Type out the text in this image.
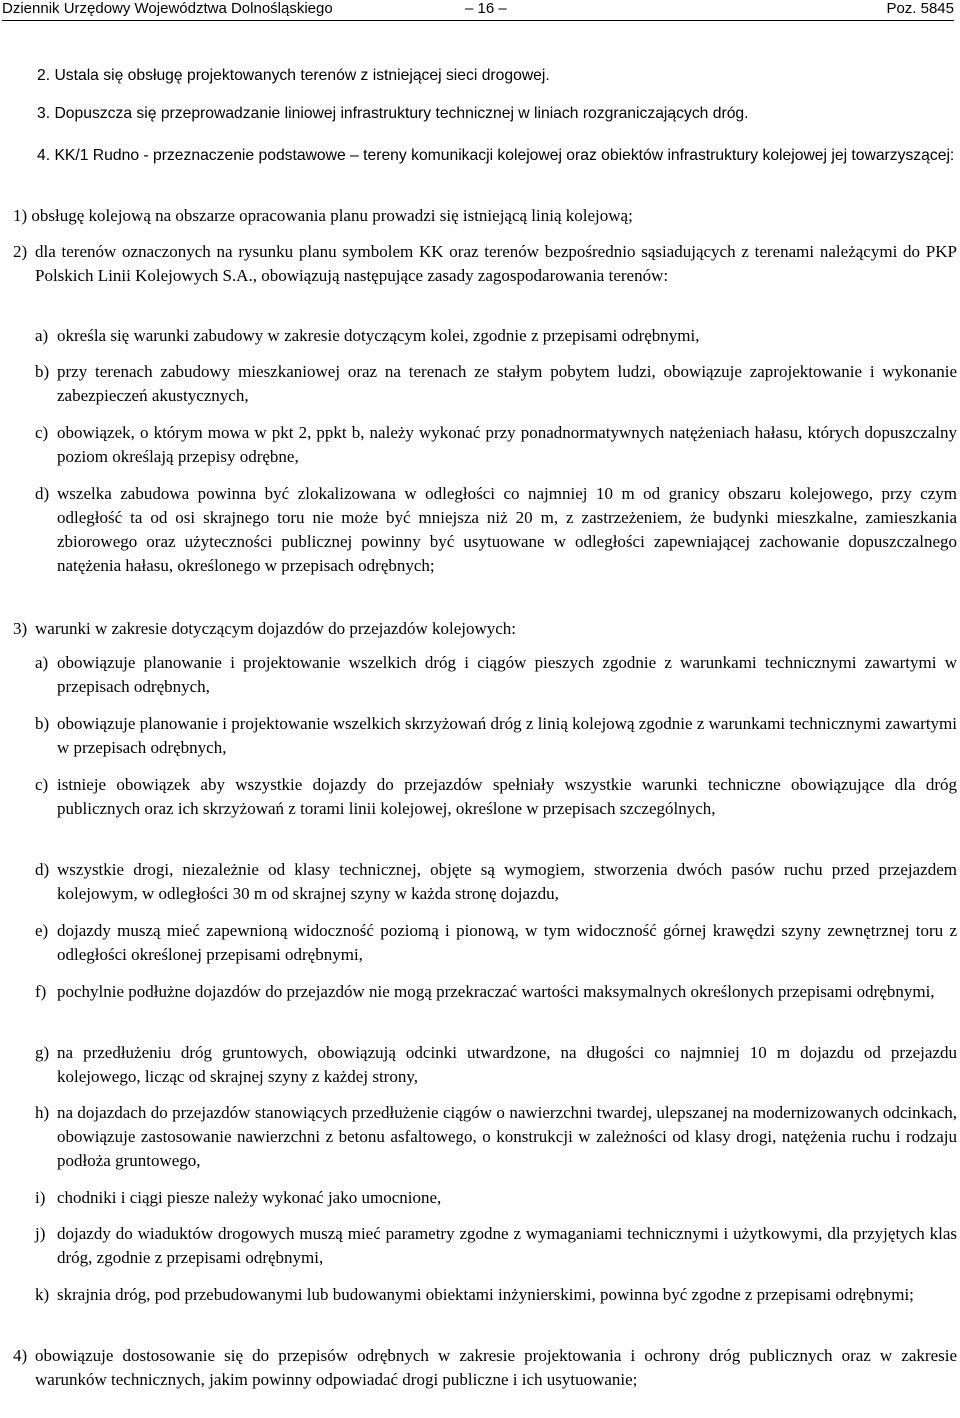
Dziennik Urzędowy Województwa Dolnośląskiego	– 16 –	Poz. 5845
2. Ustala się obsługę projektowanych terenów z istniejącej sieci drogowej.
3. Dopuszcza się przeprowadzanie liniowej infrastruktury technicznej w liniach rozgraniczających dróg.
4. KK/1 Rudno - przeznaczenie podstawowe – tereny komunikacji kolejowej oraz obiektów infrastruktury kolejowej jej towarzyszącej:
1) obsługę kolejową na obszarze opracowania planu prowadzi się istniejącą linią kolejową;
2) dla terenów oznaczonych na rysunku planu symbolem KK oraz terenów bezpośrednio sąsiadujących z terenami należącymi do PKP Polskich Linii Kolejowych S.A., obowiązują następujące zasady zagospodarowania terenów:
a) określa się warunki zabudowy w zakresie dotyczącym kolei, zgodnie z przepisami odrębnymi,
b) przy terenach zabudowy mieszkaniowej oraz na terenach ze stałym pobytem ludzi, obowiązuje zaprojektowanie i wykonanie zabezpieczeń akustycznych,
c) obowiązek, o którym mowa w pkt 2, ppkt b, należy wykonać przy ponadnormatywnych natężeniach hałasu, których dopuszczalny poziom określają przepisy odrębne,
d) wszelka zabudowa powinna być zlokalizowana w odległości co najmniej 10 m od granicy obszaru kolejowego, przy czym odległość ta od osi skrajnego toru nie może być mniejsza niż 20 m, z zastrzeżeniem, że budynki mieszkalne, zamieszkania zbiorowego oraz użyteczności publicznej powinny być usytuowane w odległości zapewniającej zachowanie dopuszczalnego natężenia hałasu, określonego w przepisach odrębnych;
3) warunki w zakresie dotyczącym dojazdów do przejazdów kolejowych:
a) obowiązuje planowanie i projektowanie wszelkich dróg i ciągów pieszych zgodnie z warunkami technicznymi zawartymi w przepisach odrębnych,
b) obowiązuje planowanie i projektowanie wszelkich skrzyżowań dróg z linią kolejową zgodnie z warunkami technicznymi zawartymi w przepisach odrębnych,
c) istnieje obowiązek aby wszystkie dojazdy do przejazdów spełniały wszystkie warunki techniczne obowiązujące dla dróg publicznych oraz ich skrzyżowań z torami linii kolejowej, określone w przepisach szczególnych,
d) wszystkie drogi, niezależnie od klasy technicznej, objęte są wymogiem, stworzenia dwóch pasów ruchu przed przejazdem kolejowym, w odległości 30 m od skrajnej szyny w każda stronę dojazdu,
e) dojazdy muszą mieć zapewnioną widoczność poziomą i pionową, w tym widoczność górnej krawędzi szyny zewnętrznej toru z odległości określonej przepisami odrębnymi,
f) pochylnie podłużne dojazdów do przejazdów nie mogą przekraczać wartości maksymalnych określonych przepisami odrębnymi,
g) na przedłużeniu dróg gruntowych, obowiązują odcinki utwardzone, na długości co najmniej 10 m dojazdu od przejazdu kolejowego, licząc od skrajnej szyny z każdej strony,
h) na dojazdach do przejazdów stanowiących przedłużenie ciągów o nawierzchni twardej, ulepszanej na modernizowanych odcinkach, obowiązuje zastosowanie nawierzchni z betonu asfaltowego, o konstrukcji w zależności od klasy drogi, natężenia ruchu i rodzaju podłoża gruntowego,
i) chodniki i ciągi piesze należy wykonać jako umocnione,
j) dojazdy do wiaduktów drogowych muszą mieć parametry zgodne z wymaganiami technicznymi i użytkowymi, dla przyjętych klas dróg, zgodnie z przepisami odrębnymi,
k) skrajnia dróg, pod przebudowanymi lub budowanymi obiektami inżynierskimi, powinna być zgodne z przepisami odrębnymi;
4) obowiązuje dostosowanie się do przepisów odrębnych w zakresie projektowania i ochrony dróg publicznych oraz w zakresie warunków technicznych, jakim powinny odpowiadać drogi publiczne i ich usytuowanie;
